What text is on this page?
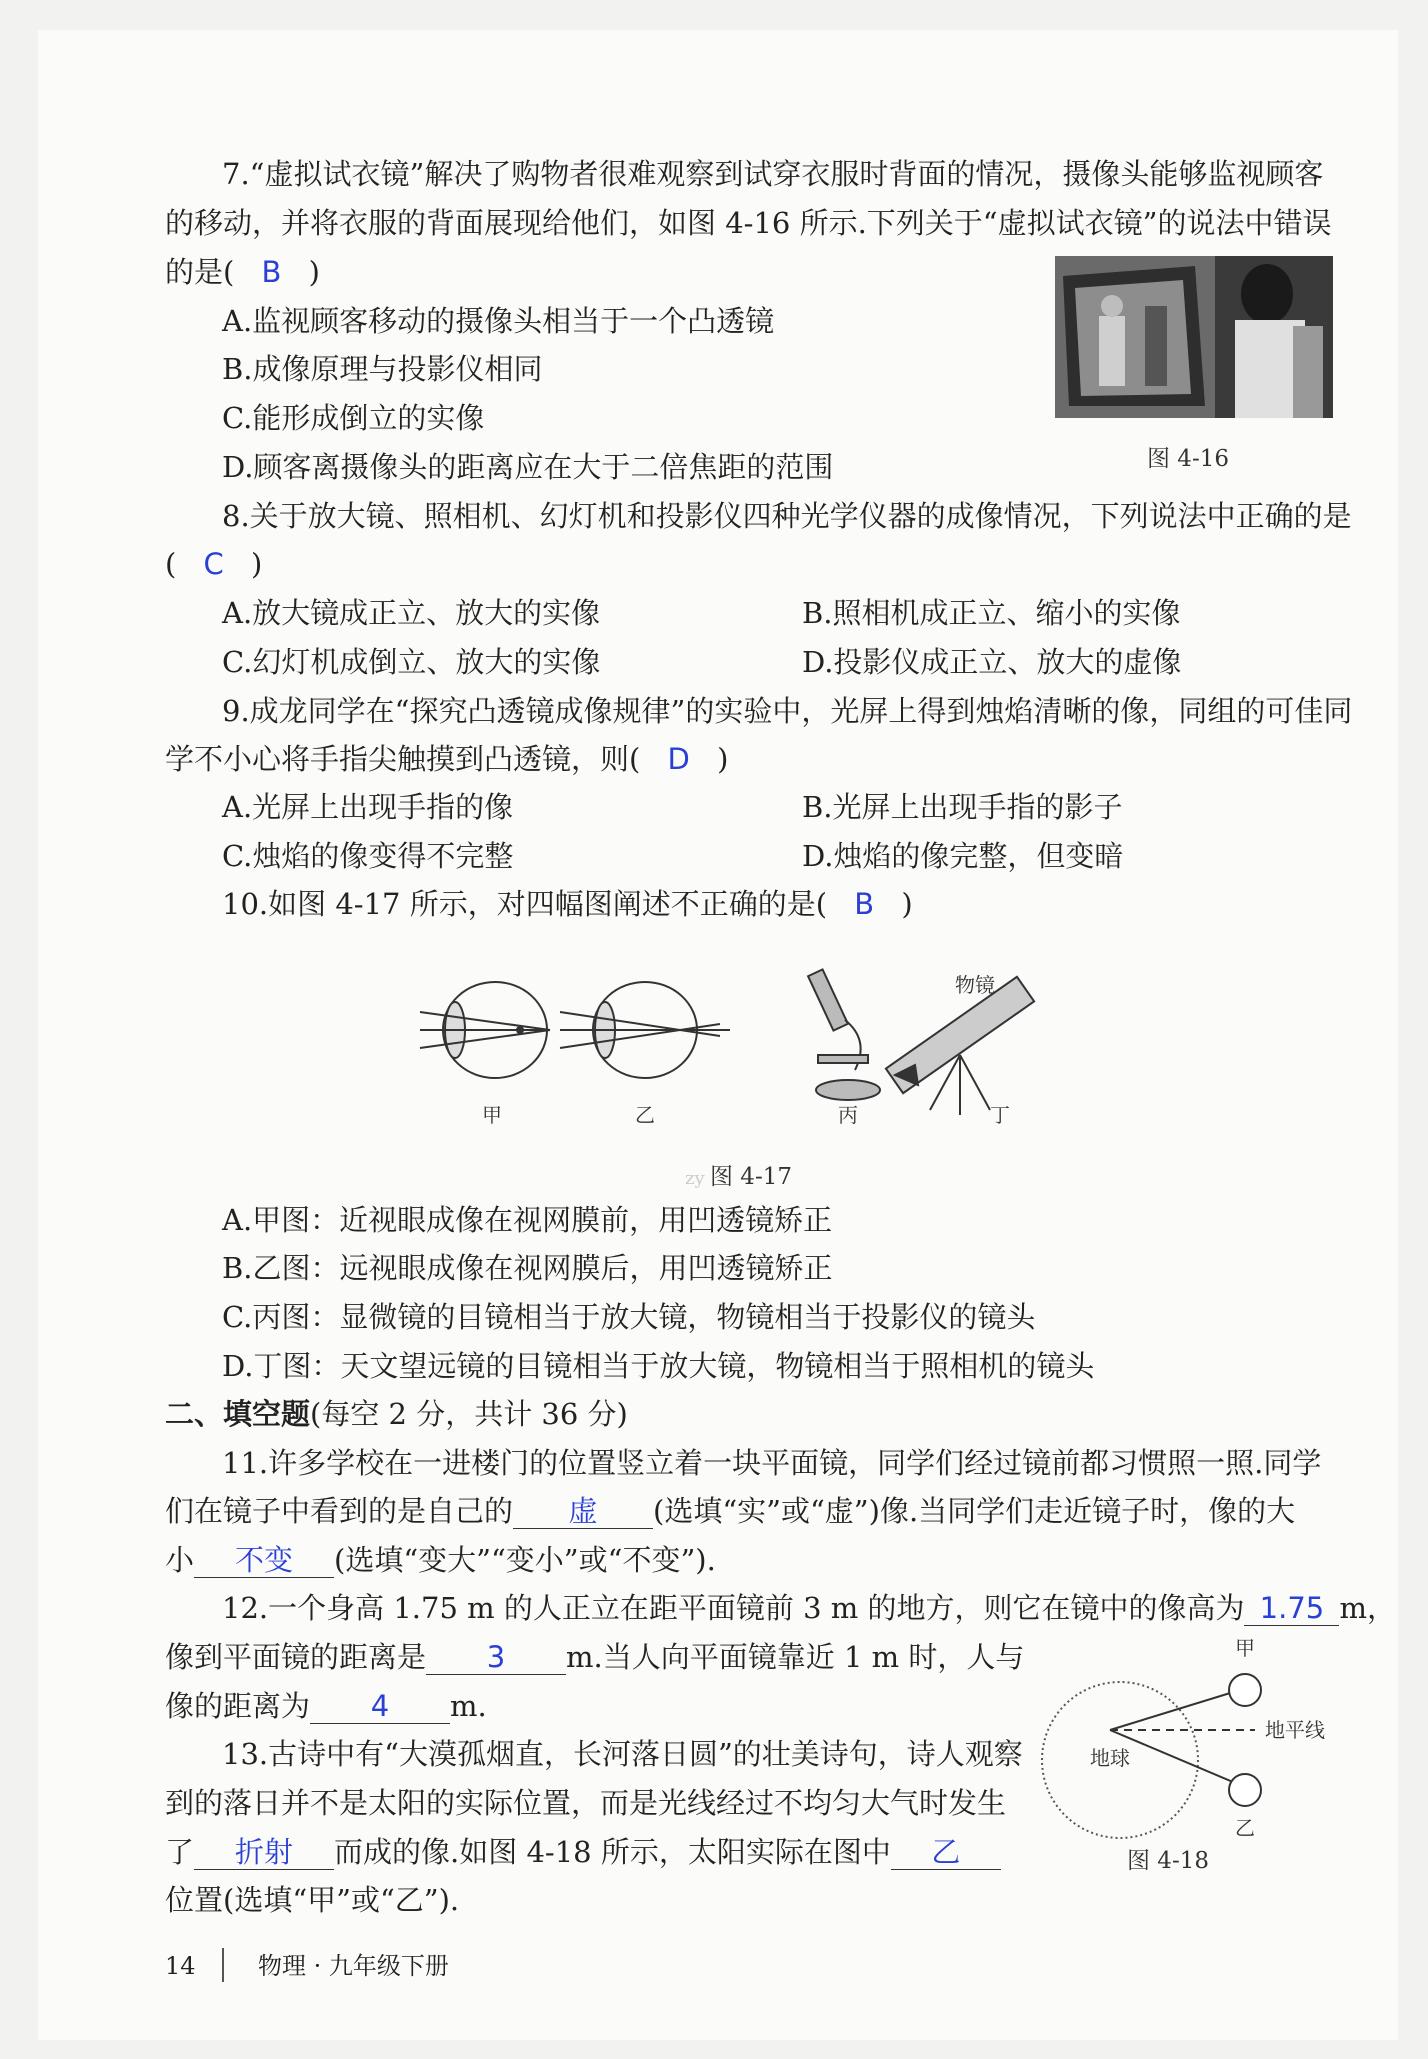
7.“虚拟试衣镜”解决了购物者很难观察到试穿衣服时背面的情况，摄像头能够监视顾客
的移动，并将衣服的背面展现给他们，如图 4-16 所示.下列关于“虚拟试衣镜”的说法中错误
的是( B )
A.监视顾客移动的摄像头相当于一个凸透镜
B.成像原理与投影仪相同
C.能形成倒立的实像
D.顾客离摄像头的距离应在大于二倍焦距的范围	图 4-16
8.关于放大镜、照相机、幻灯机和投影仪四种光学仪器的成像情况，下列说法中正确的是
( C )
A.放大镜成正立、放大的实像	B.照相机成正立、缩小的实像
C.幻灯机成倒立、放大的实像	D.投影仪成正立、放大的虚像
9.成龙同学在“探究凸透镜成像规律”的实验中，光屏上得到烛焰清晰的像，同组的可佳同
学不小心将手指尖触摸到凸透镜，则( D )
A.光屏上出现手指的像	B.光屏上出现手指的影子
C.烛焰的像变得不完整	D.烛焰的像完整，但变暗
10.如图 4-17 所示，对四幅图阐述不正确的是( B )
甲	乙	丙	丁
物镜
zy 图 4-17
A.甲图：近视眼成像在视网膜前，用凹透镜矫正
B.乙图：远视眼成像在视网膜后，用凹透镜矫正
C.丙图：显微镜的目镜相当于放大镜，物镜相当于投影仪的镜头
D.丁图：天文望远镜的目镜相当于放大镜，物镜相当于照相机的镜头
二、填空题(每空 2 分，共计 36 分)
11.许多学校在一进楼门的位置竖立着一块平面镜，同学们经过镜前都习惯照一照.同学
们在镜子中看到的是自己的 虚 (选填“实”或“虚”)像.当同学们走近镜子时，像的大
小 不变 (选填“变大”“变小”或“不变”).
12.一个身高 1.75 m 的人正立在距平面镜前 3 m 的地方，则它在镜中的像高为 1.75 m，
像到平面镜的距离是 3 m.当人向平面镜靠近 1 m 时，人与
像的距离为 4 m.
13.古诗中有“大漠孤烟直，长河落日圆”的壮美诗句，诗人观察
到的落日并不是太阳的实际位置，而是光线经过不均匀大气时发生
了 折射 而成的像.如图 4-18 所示，太阳实际在图中 乙
位置(选填“甲”或“乙”).
甲
乙
地球
地平线
图 4-18
14	物理 · 九年级下册
